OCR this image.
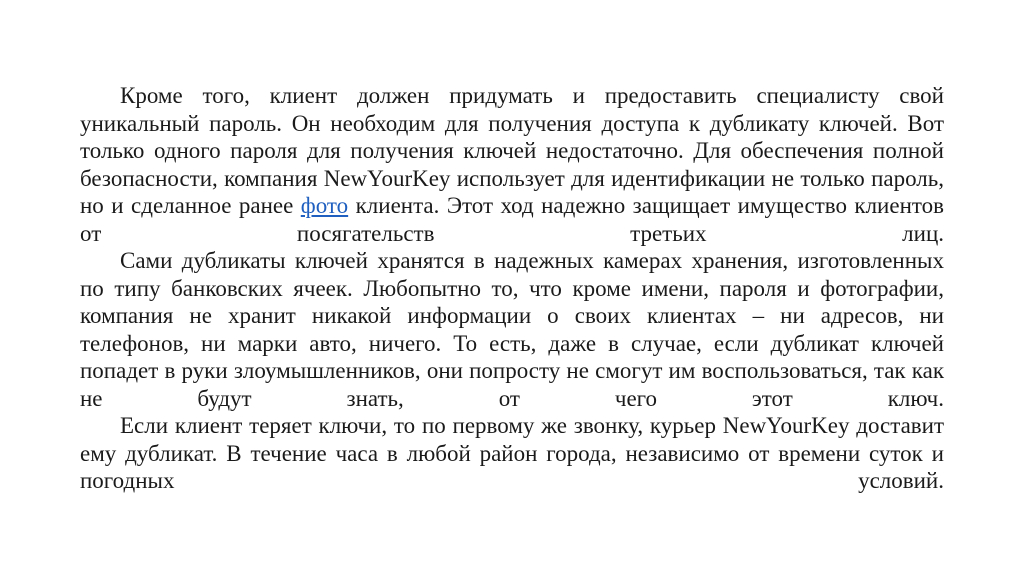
Кроме того, клиент должен придумать и предоставить специалисту свой уникальный пароль. Он необходим для получения доступа к дубликату ключей. Вот только одного пароля для получения ключей недостаточно. Для обеспечения полной безопасности, компания NewYourKey использует для идентификации не только пароль, но и сделанное ранее фото клиента. Этот ход надежно защищает имущество клиентов от посягательств третьих лиц.

Сами дубликаты ключей хранятся в надежных камерах хранения, изготовленных по типу банковских ячеек. Любопытно то, что кроме имени, пароля и фотографии, компания не хранит никакой информации о своих клиентах – ни адресов, ни телефонов, ни марки авто, ничего. То есть, даже в случае, если дубликат ключей попадет в руки злоумышленников, они попросту не смогут им воспользоваться, так как не будут знать, от чего этот ключ.

Если клиент теряет ключи, то по первому же звонку, курьер NewYourKey доставит ему дубликат. В течение часа в любой район города, независимо от времени суток и погодных условий.
